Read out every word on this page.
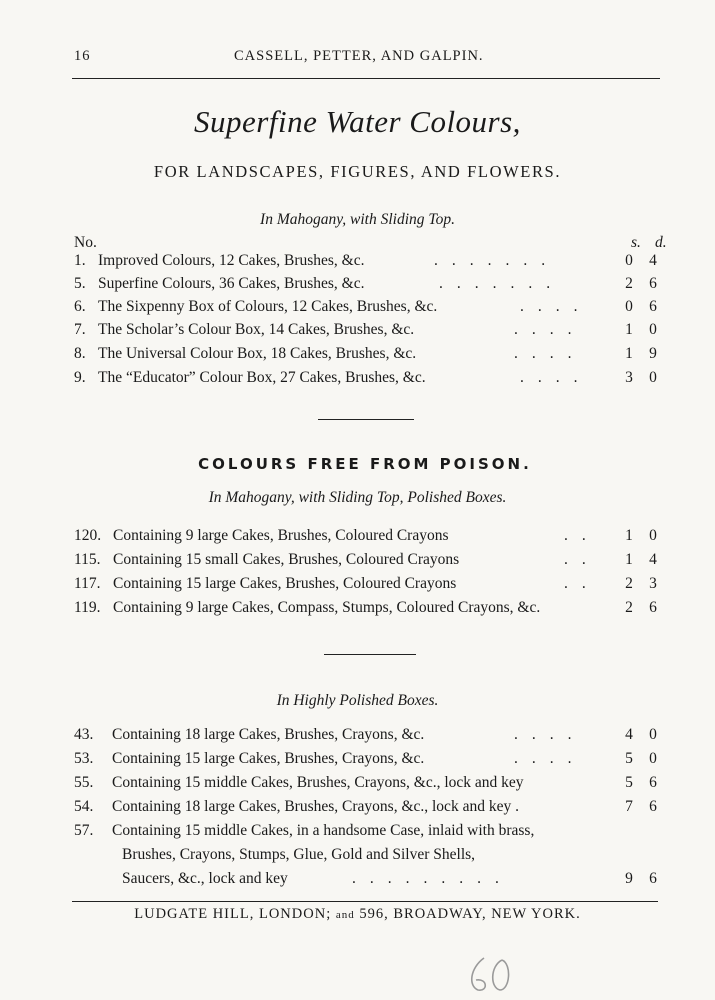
16	CASSELL, PETTER, AND GALPIN.
Superfine Water Colours,
FOR LANDSCAPES, FIGURES, AND FLOWERS.
In Mahogany, with Sliding Top.
No.	s. d.
1. Improved Colours, 12 Cakes, Brushes, &c.	.......	0 4
5. Superfine Colours, 36 Cakes, Brushes, &c.	.......	2 6
6. The Sixpenny Box of Colours, 12 Cakes, Brushes, &c.	.... 0 6
7. The Scholar’s Colour Box, 14 Cakes, Brushes, &c.	....	1 0
8. The Universal Colour Box, 18 Cakes, Brushes, &c.	....	1 9
9. The “Educator” Colour Box, 27 Cakes, Brushes, &c.	.... 3 0
COLOURS FREE FROM POISON.
In Mahogany, with Sliding Top, Polished Boxes.
120. Containing 9 large Cakes, Brushes, Coloured Crayons	.. 1 0
115. Containing 15 small Cakes, Brushes, Coloured Crayons	.. 1 4
117. Containing 15 large Cakes, Brushes, Coloured Crayons	.. 2 3
119. Containing 9 large Cakes, Compass, Stumps, Coloured Crayons, &c.	2 6
In Highly Polished Boxes.
43. Containing 18 large Cakes, Brushes, Crayons, &c.	....	4 0
53. Containing 15 large Cakes, Brushes, Crayons, &c.	....	5 0
55. Containing 15 middle Cakes, Brushes, Crayons, &c., lock and key	5 6
54. Containing 18 large Cakes, Brushes, Crayons, &c., lock and key .	7 6
57. Containing 15 middle Cakes, in a handsome Case, inlaid with brass,
Brushes, Crayons, Stumps, Glue, Gold and Silver Shells,
Saucers, &c., lock and key	.........	9 6
LUDGATE HILL, LONDON; and 596, BROADWAY, NEW YORK.
